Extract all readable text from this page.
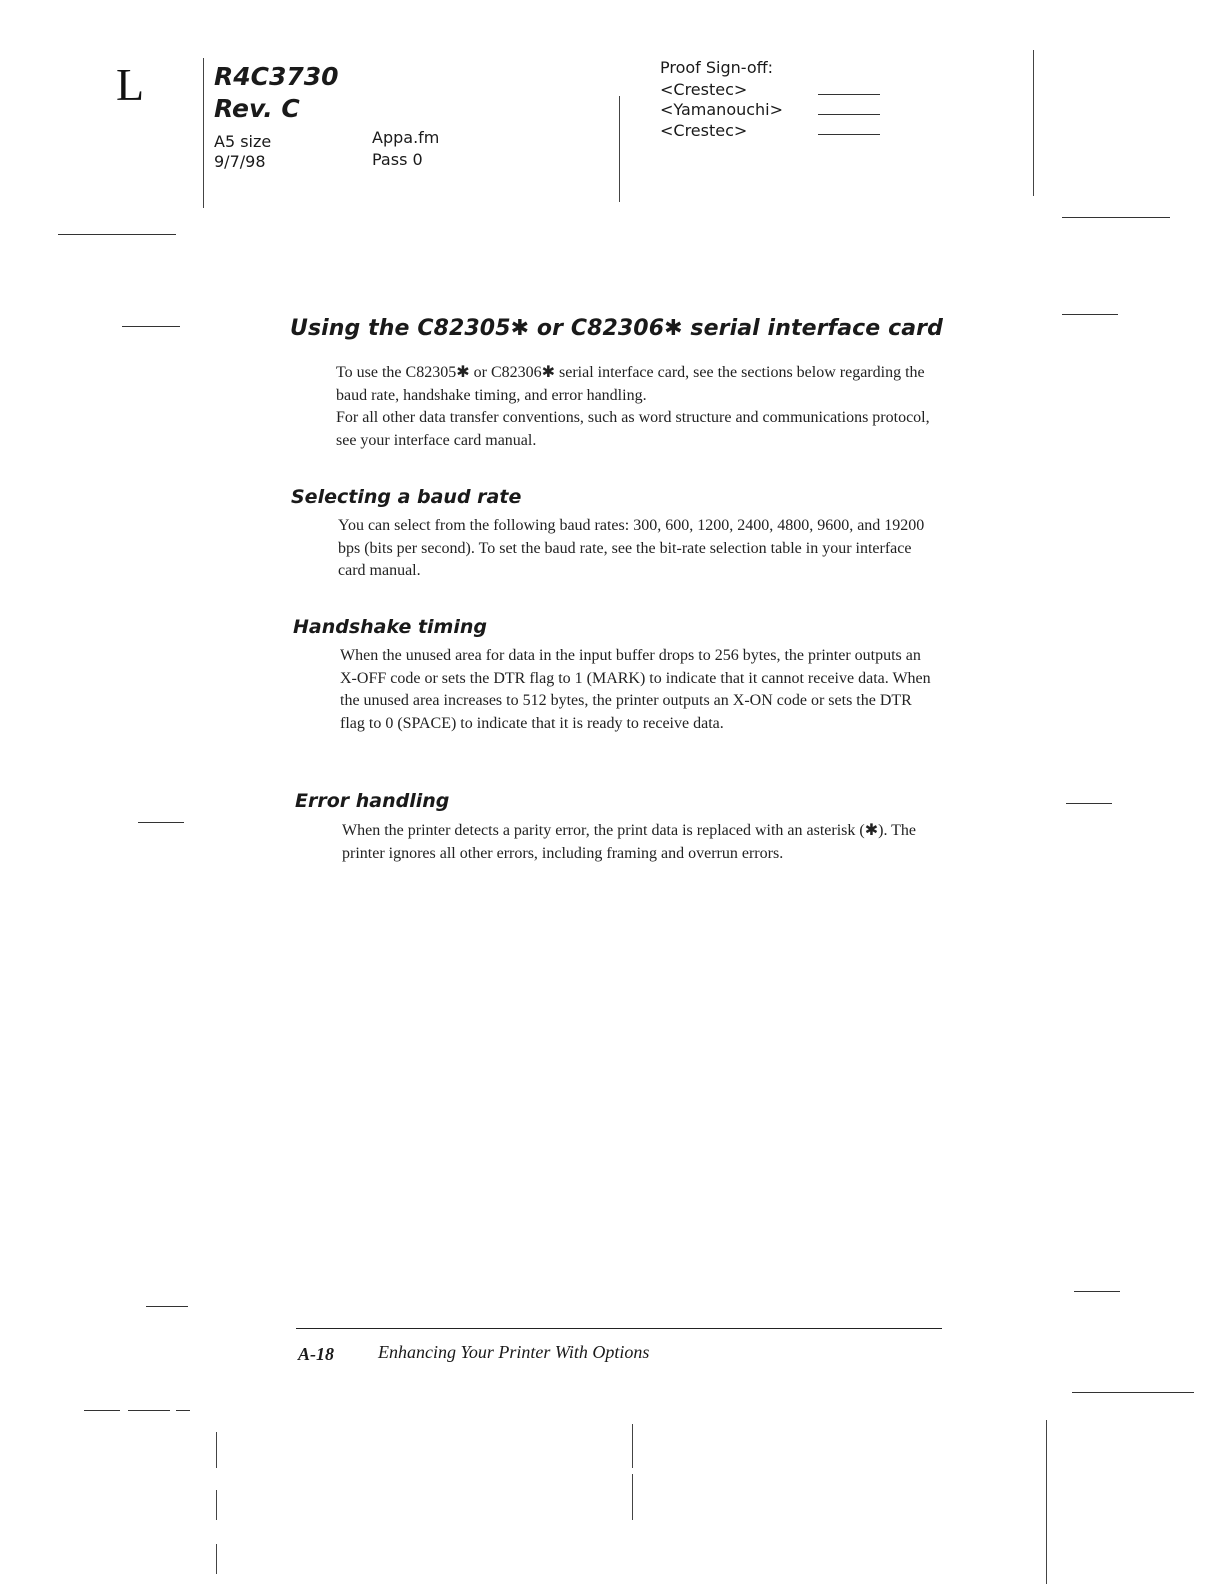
L	R4C3730
Rev. C
A5 size
9/7/98
Appa.fm
Pass 0
Proof Sign-off:
<Crestec>
<Yamanouchi>
<Crestec>
Using the C82305✱ or C82306✱ serial interface card

To use the C82305✱ or C82306✱ serial interface card, see the sections below regarding the baud rate, handshake timing, and error handling.

For all other data transfer conventions, such as word structure and communications protocol, see your interface card manual.

Selecting a baud rate

You can select from the following baud rates: 300, 600, 1200, 2400, 4800, 9600, and 19200 bps (bits per second). To set the baud rate, see the bit-rate selection table in your interface card manual.

Handshake timing

When the unused area for data in the input buffer drops to 256 bytes, the printer outputs an X-OFF code or sets the DTR flag to 1 (MARK) to indicate that it cannot receive data. When the unused area increases to 512 bytes, the printer outputs an X-ON code or sets the DTR flag to 0 (SPACE) to indicate that it is ready to receive data.

Error handling

When the printer detects a parity error, the print data is replaced with an asterisk (✱). The printer ignores all other errors, including framing and overrun errors.

A-18 Enhancing Your Printer With Options
